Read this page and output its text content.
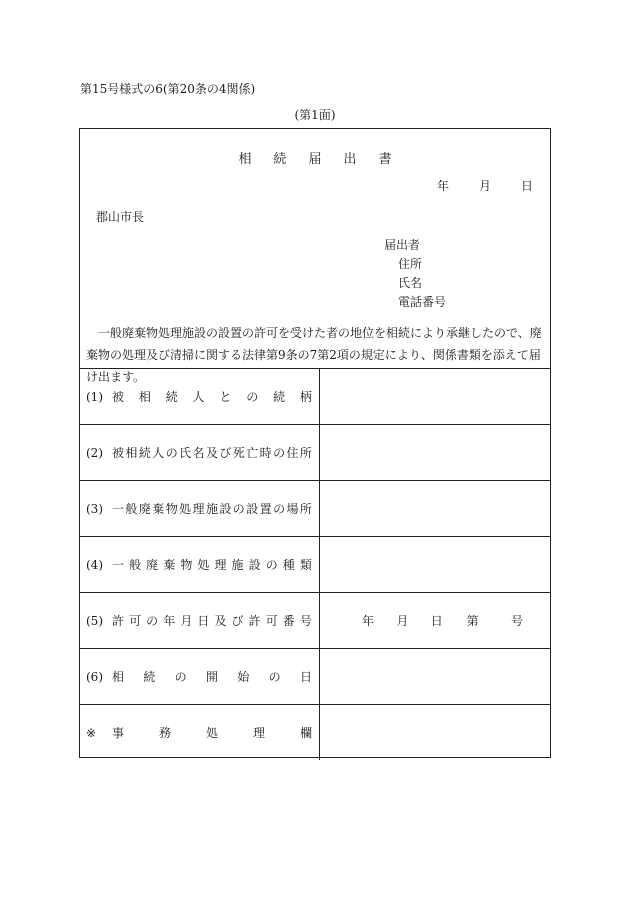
第15号様式の6(第20条の4関係)
(第1面)
相続届出書
年	月	日
郡山市長
届出者
住所
氏名
電話番号
一般廃棄物処理施設の設置の許可を受けた者の地位を相続により承継したので、廃棄物の処理及び清掃に関する法律第9条の7第2項の規定により、関係書類を添えて届け出ます。
(1) 被 相 続 人 と の 続 柄
(2) 被 相 続 人 の 氏 名 及 び 死 亡 時 の 住 所
(3) 一 般 廃 棄 物 処 理 施 設 の 設 置 の 場 所
(4) 一 般 廃 棄 物 処 理 施 設 の 種 類
(5) 許 可 の 年 月 日 及 び 許 可 番 号	年 月 日 第 号
(6) 相 続 の 開 始 の 日
※	事	務	処	理	欄
